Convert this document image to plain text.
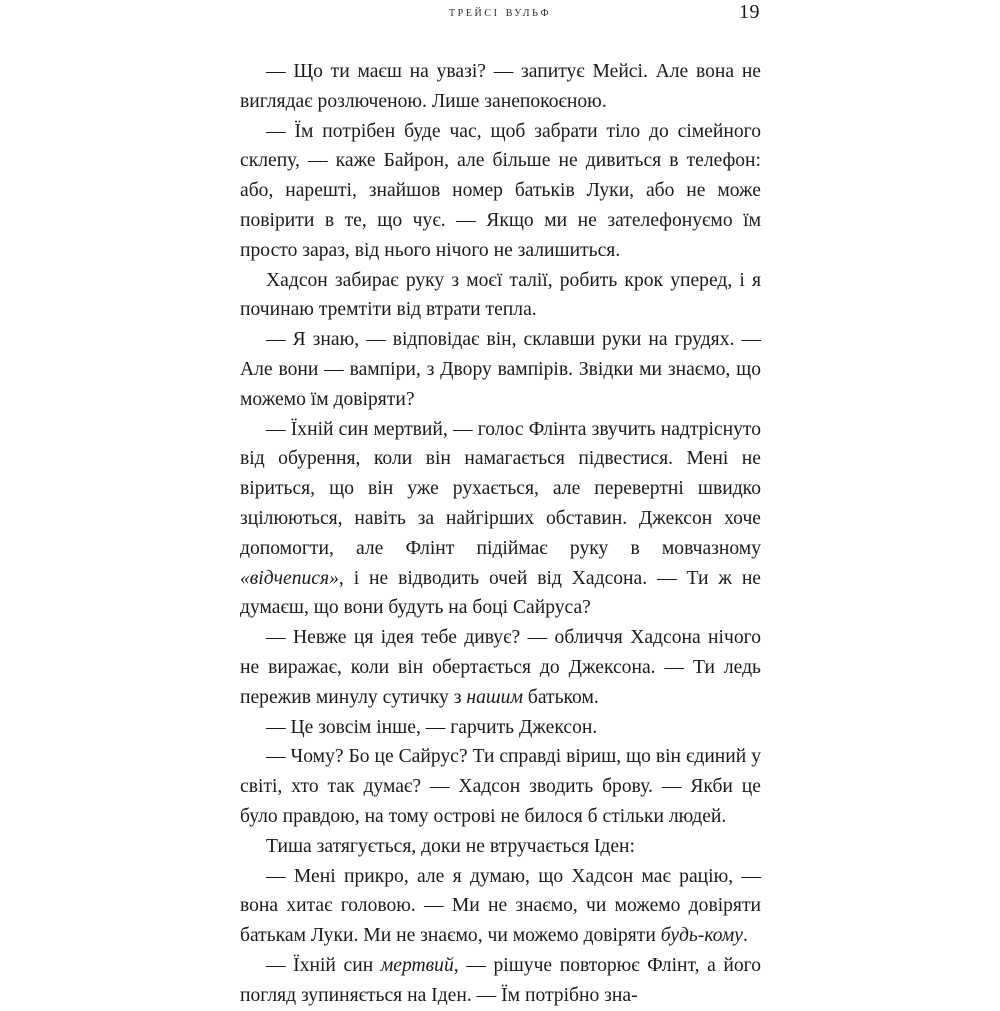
трейсі вульф	19

— Що ти маєш на увазі? — запитує Мейсі. Але вона не виглядає розлюченою. Лише занепокоєною.

— Їм потрібен буде час, щоб забрати тіло до сімейного склепу, — каже Байрон, але більше не дивиться в телефон: або, нарешті, знайшов номер батьків Луки, або не може повірити в те, що чує. — Якщо ми не зателефонуємо їм просто зараз, від нього нічого не залишиться.

Хадсон забирає руку з моєї талії, робить крок уперед, і я починаю тремтіти від втрати тепла.

— Я знаю, — відповідає він, склавши руки на грудях. — Але вони — вампіри, з Двору вампірів. Звідки ми знаємо, що можемо їм довіряти?

— Їхній син мертвий, — голос Флінта звучить надтріснуто від обурення, коли він намагається підвестися. Мені не віриться, що він уже рухається, але перевертні швидко зцілюються, навіть за найгірших обставин. Джексон хоче допомогти, але Флінт підіймає руку в мовчазному «відчепися», і не відводить очей від Хадсона. — Ти ж не думаєш, що вони будуть на боці Сайруса?

— Невже ця ідея тебе дивує? — обличчя Хадсона нічого не виражає, коли він обертається до Джексона. — Ти ледь пережив минулу сутичку з нашим батьком.

— Це зовсім інше, — гарчить Джексон.

— Чому? Бо це Сайрус? Ти справді віриш, що він єдиний у світі, хто так думає? — Хадсон зводить брову. — Якби це було правдою, на тому острові не билося б стільки людей.

Тиша затягується, доки не втручається Іден:

— Мені прикро, але я думаю, що Хадсон має рацію, — вона хитає головою. — Ми не знаємо, чи можемо довіряти батькам Луки. Ми не знаємо, чи можемо довіряти будь-кому.

— Їхній син мертвий, — рішуче повторює Флінт, а його погляд зупиняється на Іден. — Їм потрібно зна-
